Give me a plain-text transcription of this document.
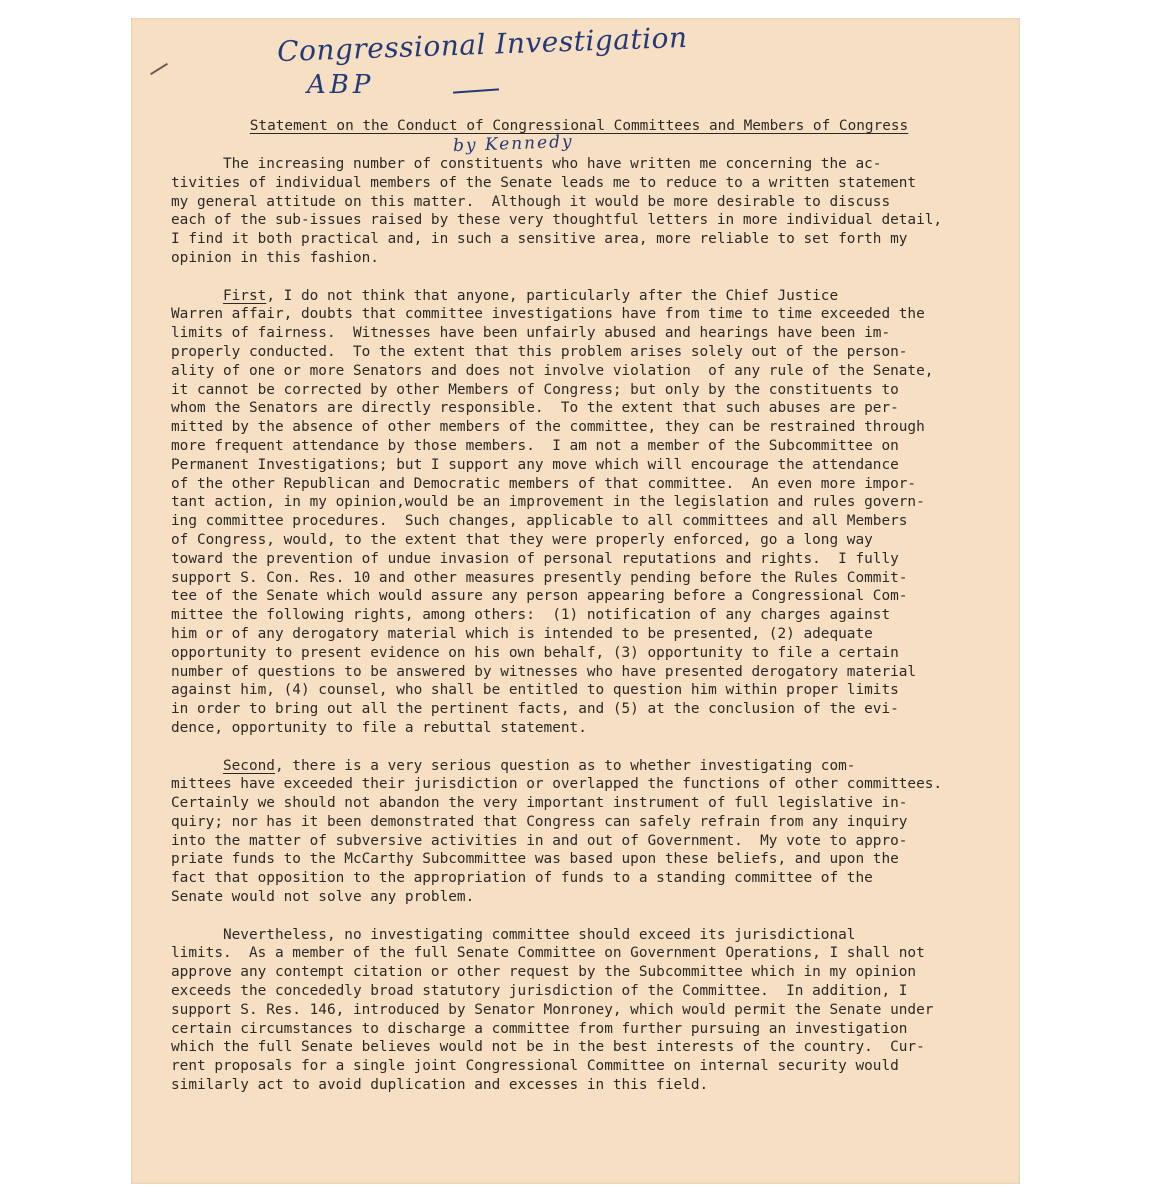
Congressional Investigation

ABP

by Kennedy

Statement on the Conduct of Congressional Committees and Members of Congress
The increasing number of constituents who have written me concerning the ac-
tivities of individual members of the Senate leads me to reduce to a written statement
my general attitude on this matter.  Although it would be more desirable to discuss
each of the sub-issues raised by these very thoughtful letters in more individual detail,
I find it both practical and, in such a sensitive area, more reliable to set forth my
opinion in this fashion.
First, I do not think that anyone, particularly after the Chief Justice
Warren affair, doubts that committee investigations have from time to time exceeded the
limits of fairness.  Witnesses have been unfairly abused and hearings have been im-
properly conducted.  To the extent that this problem arises solely out of the person-
ality of one or more Senators and does not involve violation  of any rule of the Senate,
it cannot be corrected by other Members of Congress; but only by the constituents to
whom the Senators are directly responsible.  To the extent that such abuses are per-
mitted by the absence of other members of the committee, they can be restrained through
more frequent attendance by those members.  I am not a member of the Subcommittee on
Permanent Investigations; but I support any move which will encourage the attendance
of the other Republican and Democratic members of that committee.  An even more impor-
tant action, in my opinion,would be an improvement in the legislation and rules govern-
ing committee procedures.  Such changes, applicable to all committees and all Members
of Congress, would, to the extent that they were properly enforced, go a long way
toward the prevention of undue invasion of personal reputations and rights.  I fully
support S. Con. Res. 10 and other measures presently pending before the Rules Commit-
tee of the Senate which would assure any person appearing before a Congressional Com-
mittee the following rights, among others:  (1) notification of any charges against
him or of any derogatory material which is intended to be presented, (2) adequate
opportunity to present evidence on his own behalf, (3) opportunity to file a certain
number of questions to be answered by witnesses who have presented derogatory material
against him, (4) counsel, who shall be entitled to question him within proper limits
in order to bring out all the pertinent facts, and (5) at the conclusion of the evi-
dence, opportunity to file a rebuttal statement.
Second, there is a very serious question as to whether investigating com-
mittees have exceeded their jurisdiction or overlapped the functions of other committees.
Certainly we should not abandon the very important instrument of full legislative in-
quiry; nor has it been demonstrated that Congress can safely refrain from any inquiry
into the matter of subversive activities in and out of Government.  My vote to appro-
priate funds to the McCarthy Subcommittee was based upon these beliefs, and upon the
fact that opposition to the appropriation of funds to a standing committee of the
Senate would not solve any problem.
Nevertheless, no investigating committee should exceed its jurisdictional
limits.  As a member of the full Senate Committee on Government Operations, I shall not
approve any contempt citation or other request by the Subcommittee which in my opinion
exceeds the concededly broad statutory jurisdiction of the Committee.  In addition, I
support S. Res. 146, introduced by Senator Monroney, which would permit the Senate under
certain circumstances to discharge a committee from further pursuing an investigation
which the full Senate believes would not be in the best interests of the country.  Cur-
rent proposals for a single joint Congressional Committee on internal security would
similarly act to avoid duplication and excesses in this field.
